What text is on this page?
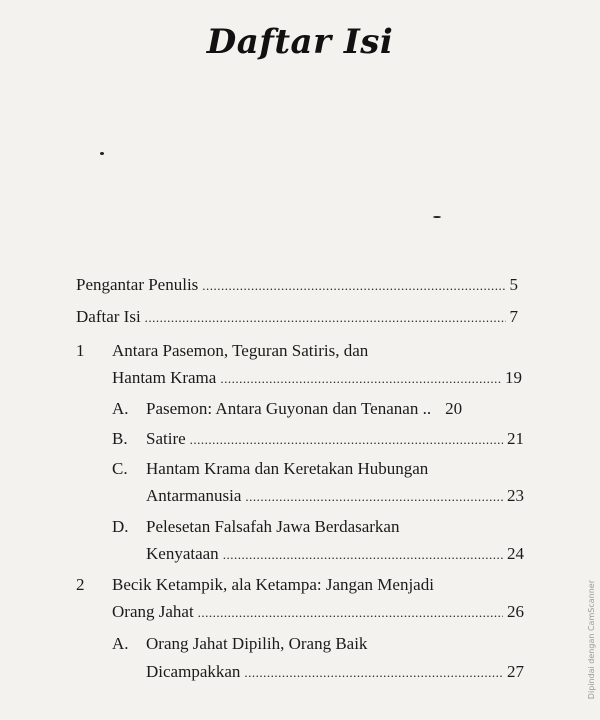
Daftar Isi
Pengantar Penulis .....	5
Daftar Isi .....	7
1 Antara Pasemon, Teguran Satiris, dan
Hantam Krama .....	19
A. Pasemon: Antara Guyonan dan Tenanan .. 20
B. Satire .....	21
C. Hantam Krama dan Keretakan Hubungan
Antarmanusia .....	23
D. Pelesetan Falsafah Jawa Berdasarkan
Kenyataan .....	24
2 Becik Ketampik, ala Ketampa: Jangan Menjadi
Orang Jahat .....	26
A. Orang Jahat Dipilih, Orang Baik
Dicampakkan .....	27	Dipindai dengan CamScanner
